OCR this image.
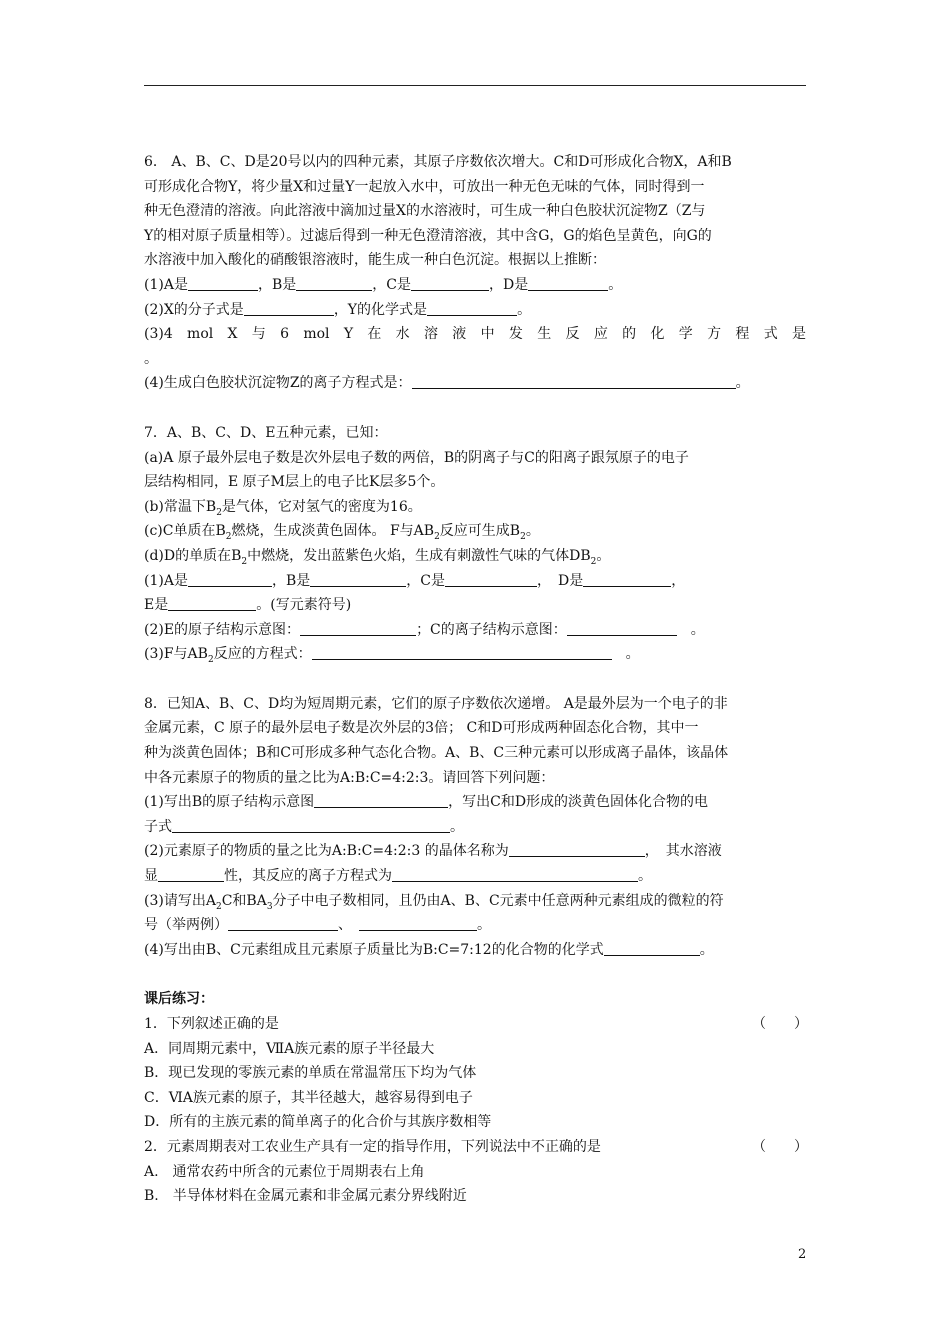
6． A、B、C、D是20号以内的四种元素，其原子序数依次增大。C和D可形成化合物X，A和B
可形成化合物Y，将少量X和过量Y一起放入水中，可放出一种无色无味的气体，同时得到一
种无色澄清的溶液。向此溶液中滴加过量X的水溶液时，可生成一种白色胶状沉淀物Z（Z与
Y的相对原子质量相等）。过滤后得到一种无色澄清溶液，其中含G，G的焰色呈黄色，向G的
水溶液中加入酸化的硝酸银溶液时，能生成一种白色沉淀。根据以上推断：
(1)A是	，B是	，C是	，D是	。
(2)X的分子式是	，Y的化学式是	。
(3)4　mol　X　与　6　mol　Y　在　水　溶　液　中　发　生　反　应　的　化　学　方　程　式　是
。
(4)生成白色胶状沉淀物Z的离子方程式是：	。
7．A、B、C、D、E五种元素，已知：
(a)A 原子最外层电子数是次外层电子数的两倍，B的阴离子与C的阳离子跟氖原子的电子
层结构相同，E 原子M层上的电子比K层多5个。
(b)常温下$B_2$是气体，它对氢气的密度为16。
(c)C单质在$B_2$燃烧，生成淡黄色固体。 F与$AB_2$反应可生成$B_2$。
(d)D的单质在$B_2$中燃烧，发出蓝紫色火焰，生成有刺激性气味的气体$DB_2$。
(1)A是	，B是	，C是	，　D是	，
E是	。(写元素符号)
(2)E的原子结构示意图：	；C的离子结构示意图：	　。
(3)F与$AB_2$反应的方程式：	　。
8．已知A、B、C、D均为短周期元素，它们的原子序数依次递增。 A是最外层为一个电子的非
金属元素，C 原子的最外层电子数是次外层的3倍； C和D可形成两种固态化合物，其中一
种为淡黄色固体；B和C可形成多种气态化合物。A、B、C三种元素可以形成离子晶体，该晶体
中各元素原子的物质的量之比为A:B:C=4:2:3。请回答下列问题：
(1)写出B的原子结构示意图	，写出C和D形成的淡黄色固体化合物的电
子式	。
(2)元素原子的物质的量之比为A:B:C=4:2:3 的晶体名称为	，　其水溶液
显	性，其反应的离子方程式为	。
(3)请写出$A_2C$和$BA_3$分子中电子数相同，且仍由A、B、C元素中任意两种元素组成的微粒的符
号（举两例）	、　	。
(4)写出由B、C元素组成且元素原子质量比为B:C=7:12的化合物的化学式	。
课后练习：
1．下列叙述正确的是	（　　）
A．同周期元素中，ⅦA族元素的原子半径最大
B．现已发现的零族元素的单质在常温常压下均为气体
C．ⅥA族元素的原子，其半径越大，越容易得到电子
D．所有的主族元素的简单离子的化合价与其族序数相等
2．元素周期表对工农业生产具有一定的指导作用，下列说法中不正确的是	（　　）
A.　通常农药中所含的元素位于周期表右上角
B.　半导体材料在金属元素和非金属元素分界线附近
2
